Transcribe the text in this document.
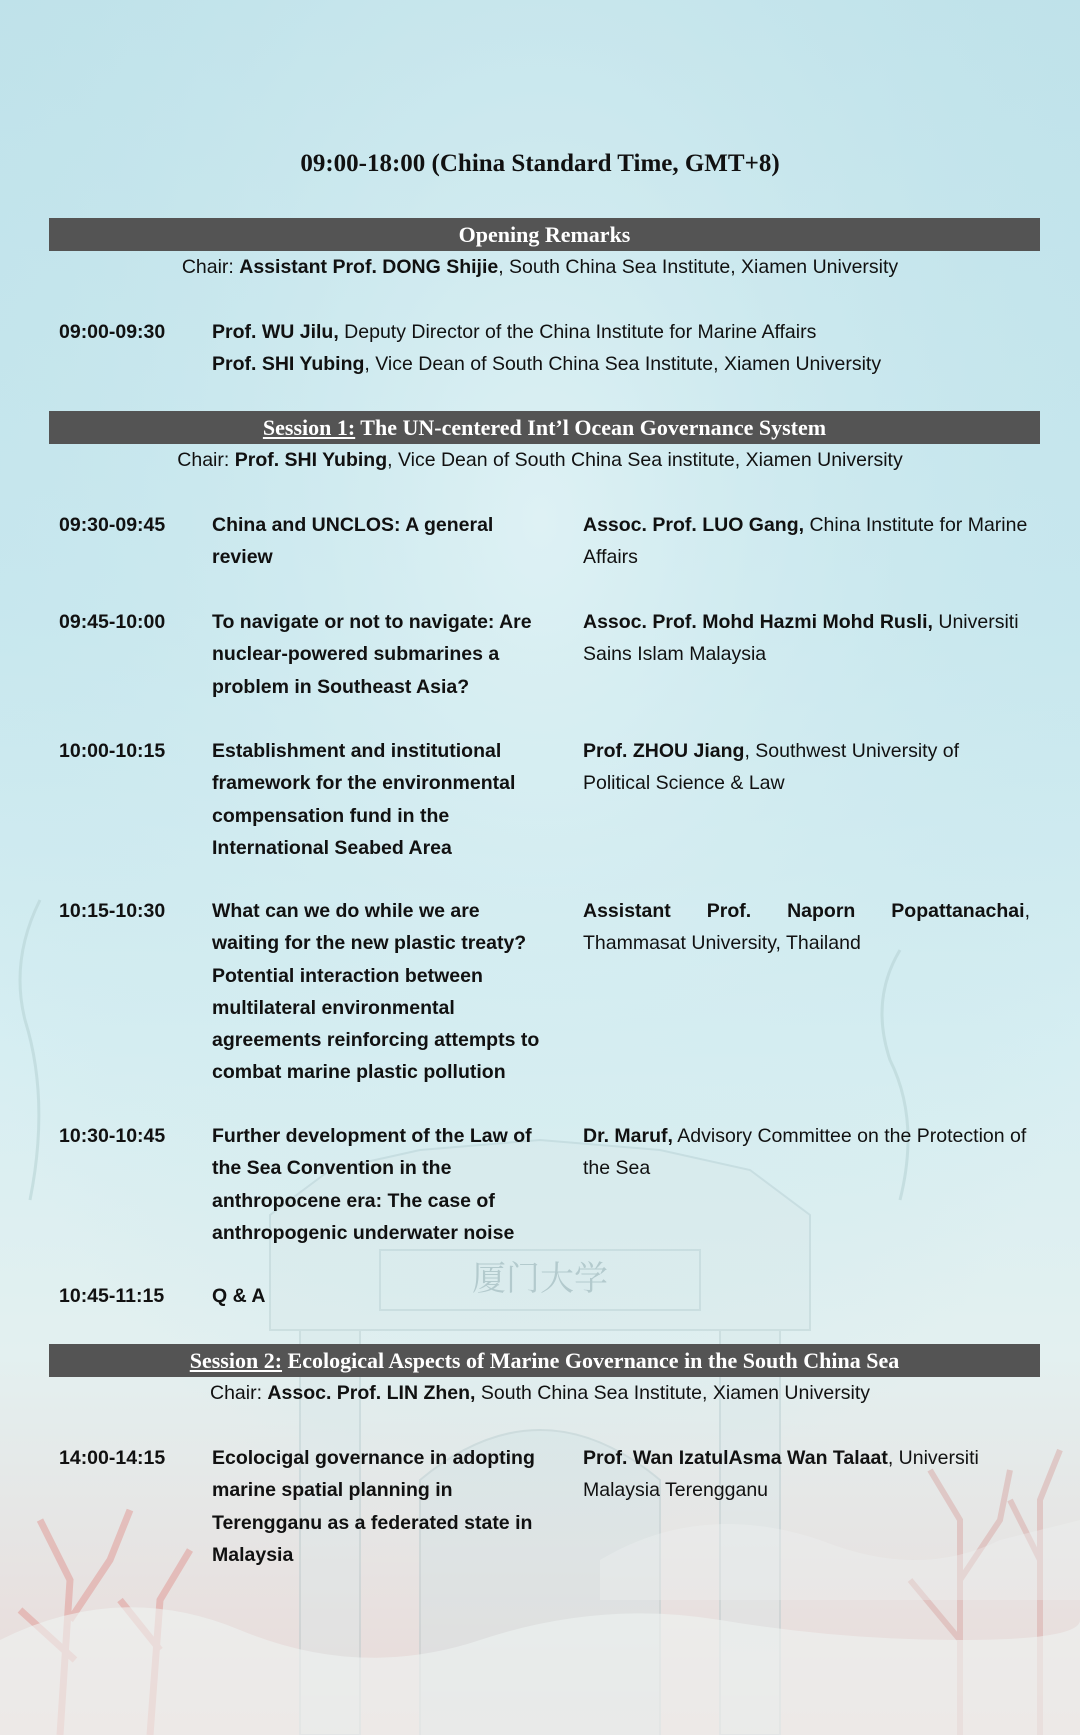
厦门大学
09:00-18:00 (China Standard Time, GMT+8)
Opening Remarks
Chair: Assistant Prof. DONG Shijie, South China Sea Institute, Xiamen University
09:00-09:30 Prof. WU Jilu, Deputy Director of the China Institute for Marine Affairs
Prof. SHI Yubing, Vice Dean of South China Sea Institute, Xiamen University
Session 1: The UN-centered Int’l Ocean Governance System
Chair: Prof. SHI Yubing, Vice Dean of South China Sea institute, Xiamen University
09:30-09:45 China and UNCLOS: A general review
Assoc. Prof. LUO Gang, China Institute for Marine Affairs
09:45-10:00 To navigate or not to navigate: Are nuclear-powered submarines a problem in Southeast Asia?
Assoc. Prof. Mohd Hazmi Mohd Rusli, Universiti Sains Islam Malaysia
10:00-10:15 Establishment and institutional framework for the environmental compensation fund in the International Seabed Area
Prof. ZHOU Jiang, Southwest University of Political Science & Law
10:15-10:30 What can we do while we are waiting for the new plastic treaty? Potential interaction between multilateral environmental agreements reinforcing attempts to combat marine plastic pollution
Assistant Prof. Naporn Popattanachai,
Thammasat University, Thailand
10:30-10:45 Further development of the Law of the Sea Convention in the anthropocene era: The case of anthropogenic underwater noise
Dr. Maruf, Advisory Committee on the Protection of the Sea
10:45-11:15 Q & A
Session 2: Ecological Aspects of Marine Governance in the South China Sea
Chair: Assoc. Prof. LIN Zhen, South China Sea Institute, Xiamen University
14:00-14:15 Ecolocigal governance in adopting marine spatial planning in Terengganu as a federated state in Malaysia
Prof. Wan IzatulAsma Wan Talaat, Universiti Malaysia Terengganu
